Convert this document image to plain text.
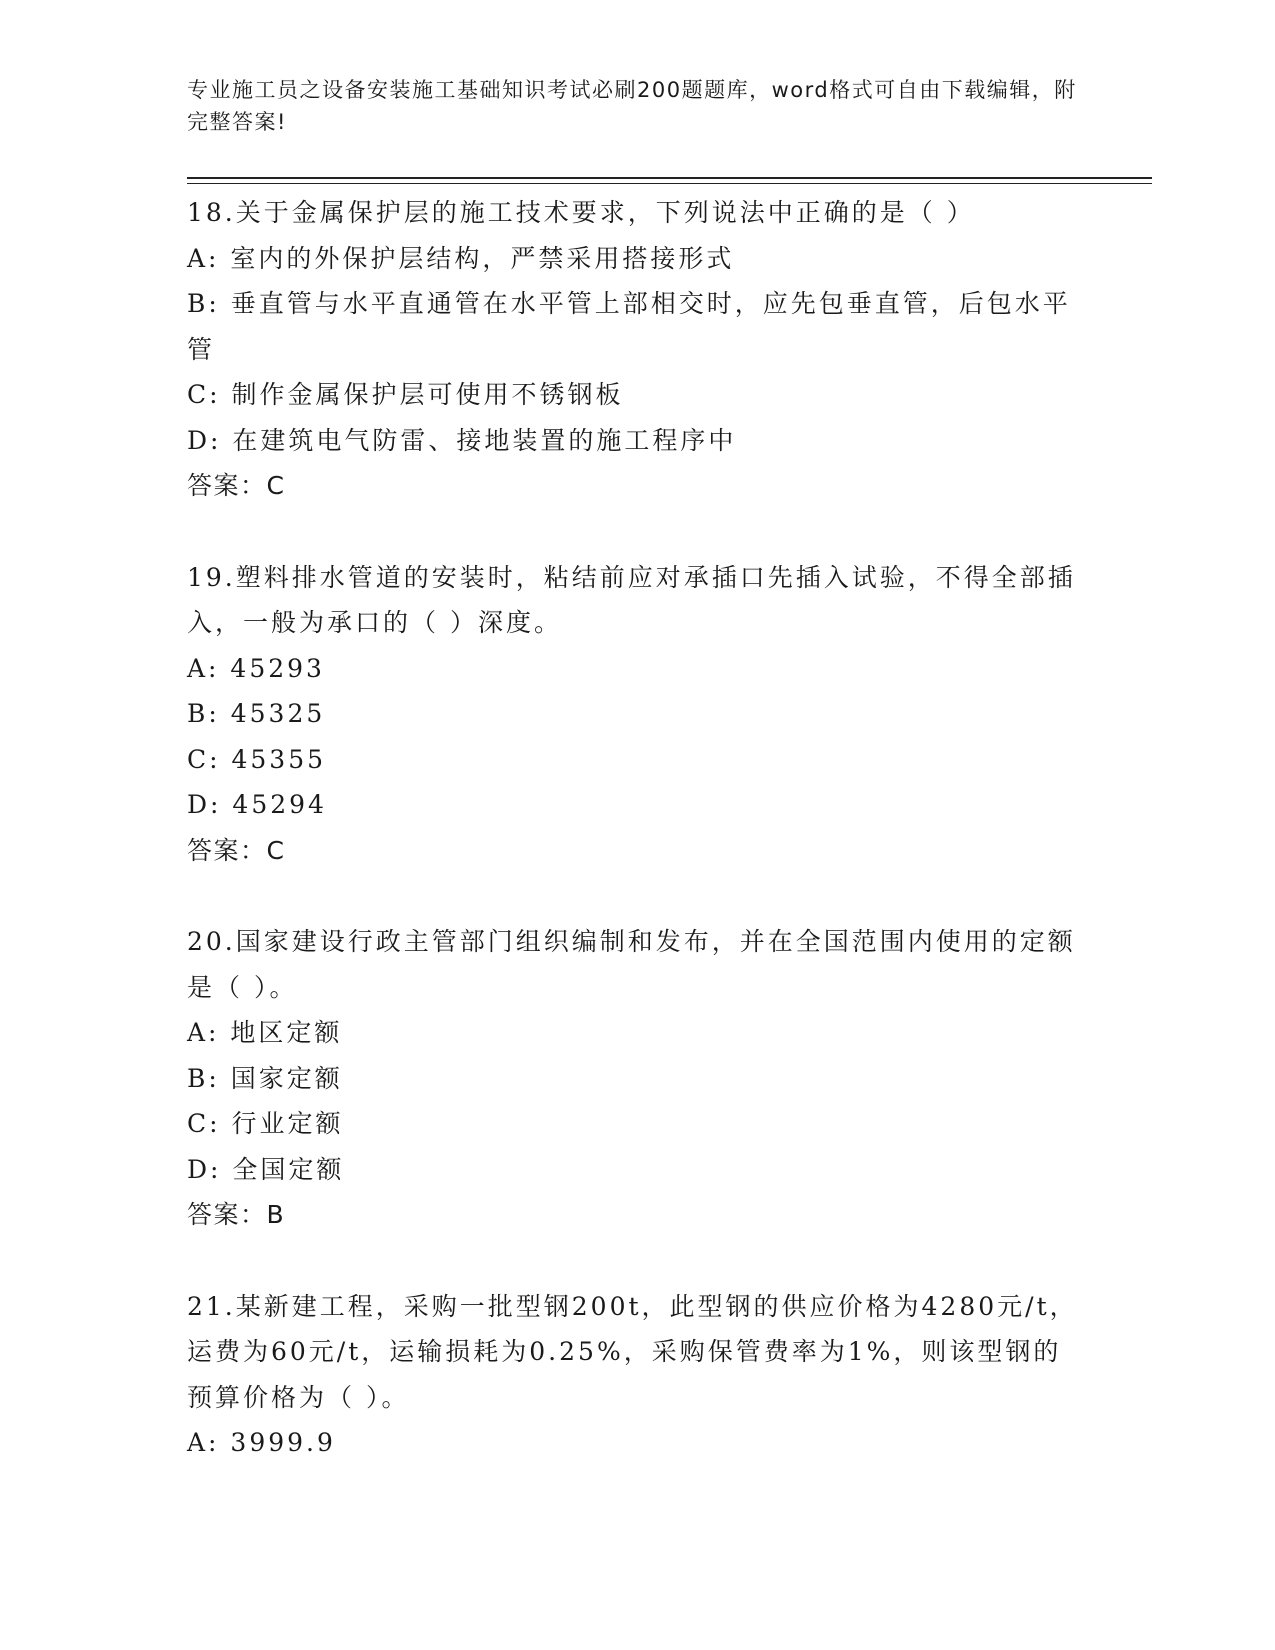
专业施工员之设备安装施工基础知识考试必刷200题题库，word格式可自由下载编辑，附完整答案!
18.关于金属保护层的施工技术要求，下列说法中正确的是（ ）
A: 室内的外保护层结构，严禁采用搭接形式
B: 垂直管与水平直通管在水平管上部相交时，应先包垂直管，后包水平管
C: 制作金属保护层可使用不锈钢板
D: 在建筑电气防雷、接地装置的施工程序中
答案：C
19.塑料排水管道的安装时，粘结前应对承插口先插入试验，不得全部插入，一般为承口的（ ）深度。
A: 45293
B: 45325
C: 45355
D: 45294
答案：C
20.国家建设行政主管部门组织编制和发布，并在全国范围内使用的定额是（ ）。
A: 地区定额
B: 国家定额
C: 行业定额
D: 全国定额
答案：B
21.某新建工程，采购一批型钢200t，此型钢的供应价格为4280元/t，运费为60元/t，运输损耗为0.25%，采购保管费率为1%，则该型钢的预算价格为（ ）。
A: 3999.9
